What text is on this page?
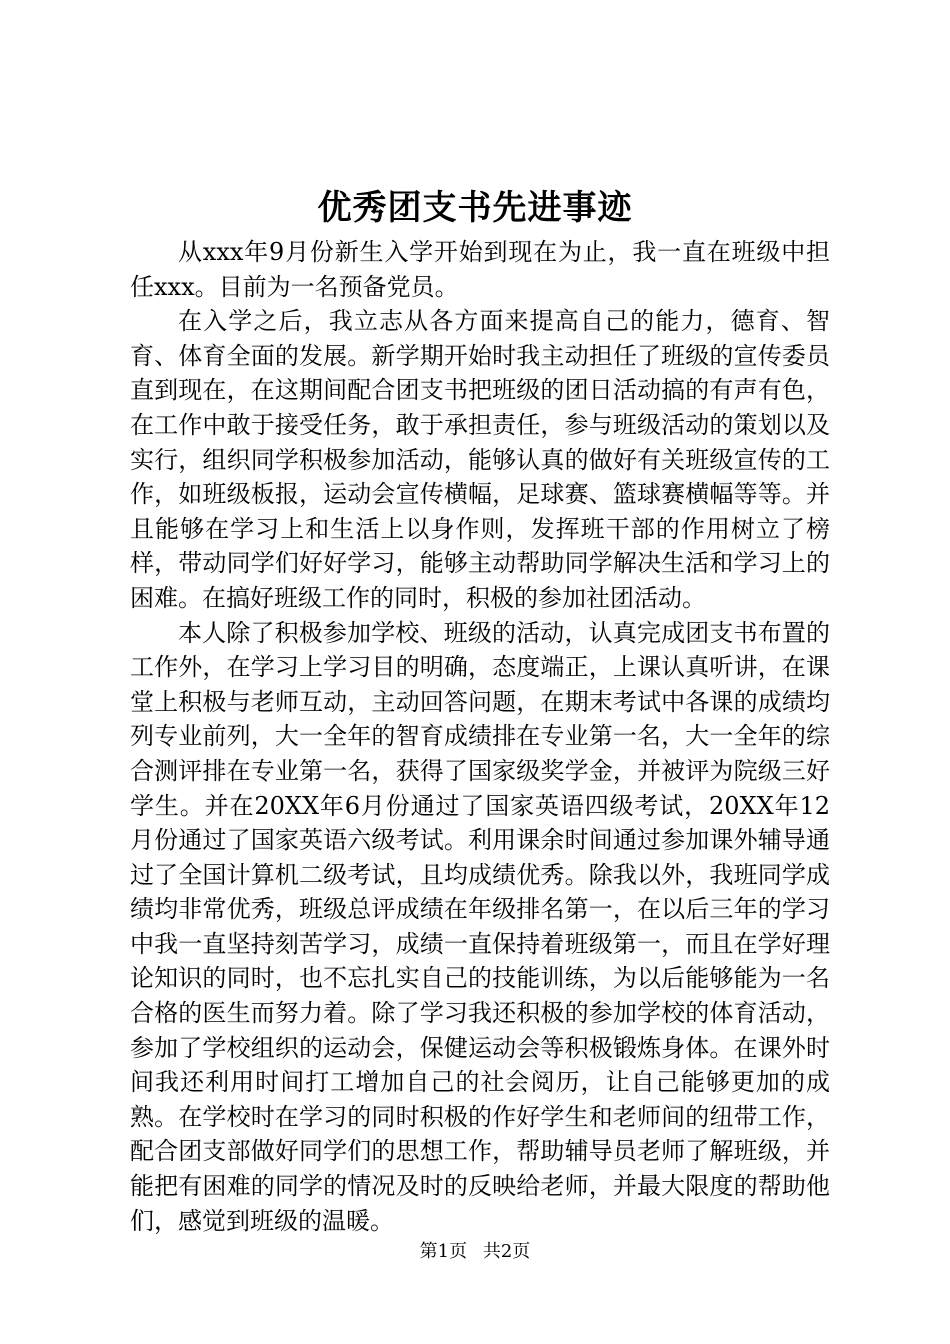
优秀团支书先进事迹

从xxx年9月份新生入学开始到现在为止，我一直在班级中担任xxx。目前为一名预备党员。

在入学之后，我立志从各方面来提高自己的能力，德育、智育、体育全面的发展。新学期开始时我主动担任了班级的宣传委员直到现在，在这期间配合团支书把班级的团日活动搞的有声有色，在工作中敢于接受任务，敢于承担责任，参与班级活动的策划以及实行，组织同学积极参加活动，能够认真的做好有关班级宣传的工作，如班级板报，运动会宣传横幅，足球赛、篮球赛横幅等等。并且能够在学习上和生活上以身作则，发挥班干部的作用树立了榜样，带动同学们好好学习，能够主动帮助同学解决生活和学习上的困难。在搞好班级工作的同时，积极的参加社团活动。

本人除了积极参加学校、班级的活动，认真完成团支书布置的工作外，在学习上学习目的明确，态度端正，上课认真听讲，在课堂上积极与老师互动，主动回答问题，在期末考试中各课的成绩均列专业前列，大一全年的智育成绩排在专业第一名，大一全年的综合测评排在专业第一名，获得了国家级奖学金，并被评为院级三好学生。并在20XX年6月份通过了国家英语四级考试，20XX年12月份通过了国家英语六级考试。利用课余时间通过参加课外辅导通过了全国计算机二级考试，且均成绩优秀。除我以外，我班同学成绩均非常优秀，班级总评成绩在年级排名第一，在以后三年的学习中我一直坚持刻苦学习，成绩一直保持着班级第一，而且在学好理论知识的同时，也不忘扎实自己的技能训练，为以后能够能为一名合格的医生而努力着。除了学习我还积极的参加学校的体育活动，参加了学校组织的运动会，保健运动会等积极锻炼身体。在课外时间我还利用时间打工增加自己的社会阅历，让自己能够更加的成熟。在学校时在学习的同时积极的作好学生和老师间的纽带工作，配合团支部做好同学们的思想工作，帮助辅导员老师了解班级，并能把有困难的同学的情况及时的反映给老师，并最大限度的帮助他们，感觉到班级的温暖。

第1页 共2页
